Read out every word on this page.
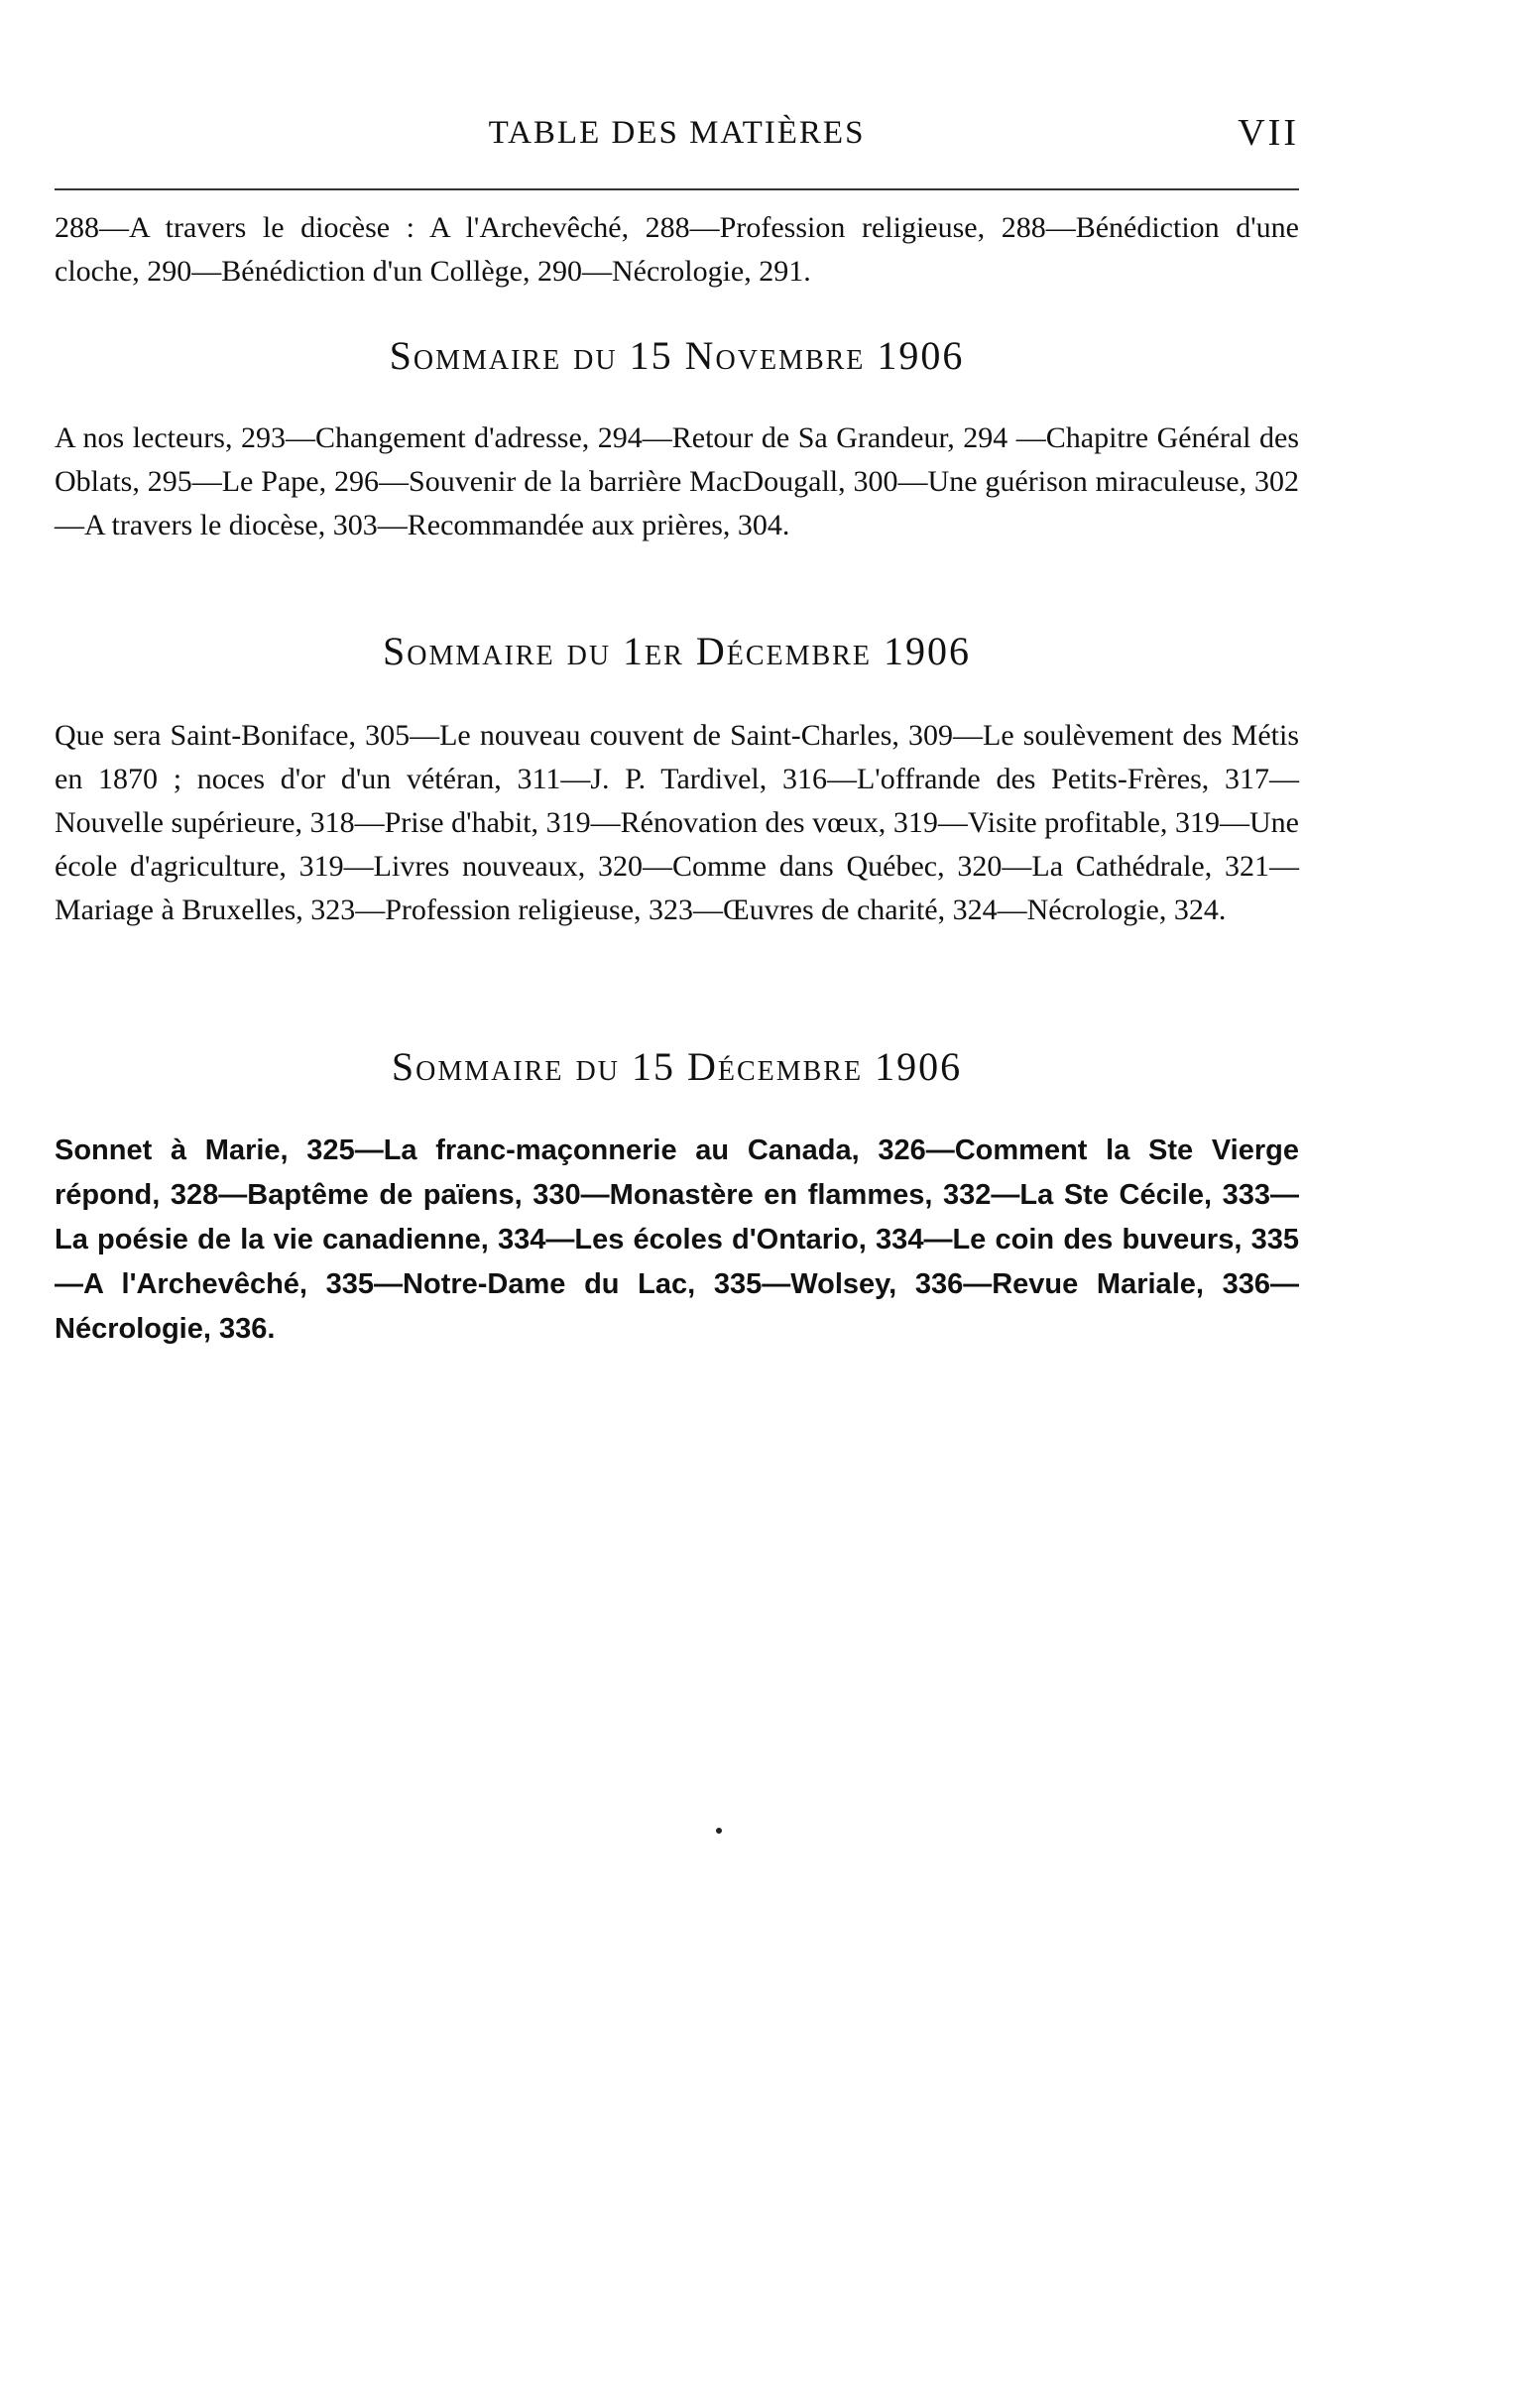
TABLE DES MATIÈRES	VII

288—A travers le diocèse : A l'Archevêché, 288—Profession religieuse, 288—Bénédiction d'une cloche, 290—Bénédiction d'un Collège, 290—Nécrologie, 291.

Sommaire du 15 Novembre 1906

A nos lecteurs, 293—Changement d'adresse, 294—Retour de Sa Grandeur, 294 —Chapitre Général des Oblats, 295—Le Pape, 296—Souvenir de la barrière MacDougall, 300—Une guérison miraculeuse, 302—A travers le diocèse, 303—Recommandée aux prières, 304.

Sommaire du 1er Décembre 1906

Que sera Saint-Boniface, 305—Le nouveau couvent de Saint-Charles, 309—Le soulèvement des Métis en 1870 ; noces d'or d'un vétéran, 311—J. P. Tardivel, 316—L'offrande des Petits-Frères, 317—Nouvelle supérieure, 318—Prise d'habit, 319—Rénovation des vœux, 319—Visite profitable, 319—Une école d'agriculture, 319—Livres nouveaux, 320—Comme dans Québec, 320—La Cathédrale, 321—Mariage à Bruxelles, 323—Profession religieuse, 323—Œuvres de charité, 324—Nécrologie, 324.

Sommaire du 15 Décembre 1906

Sonnet à Marie, 325—La franc-maçonnerie au Canada, 326—Comment la Ste Vierge répond, 328—Baptême de païens, 330—Monastère en flammes, 332—La Ste Cécile, 333—La poésie de la vie canadienne, 334—Les écoles d'Ontario, 334—Le coin des buveurs, 335—A l'Archevêché, 335—Notre-Dame du Lac, 335—Wolsey, 336—Revue Mariale, 336—Nécrologie, 336.
